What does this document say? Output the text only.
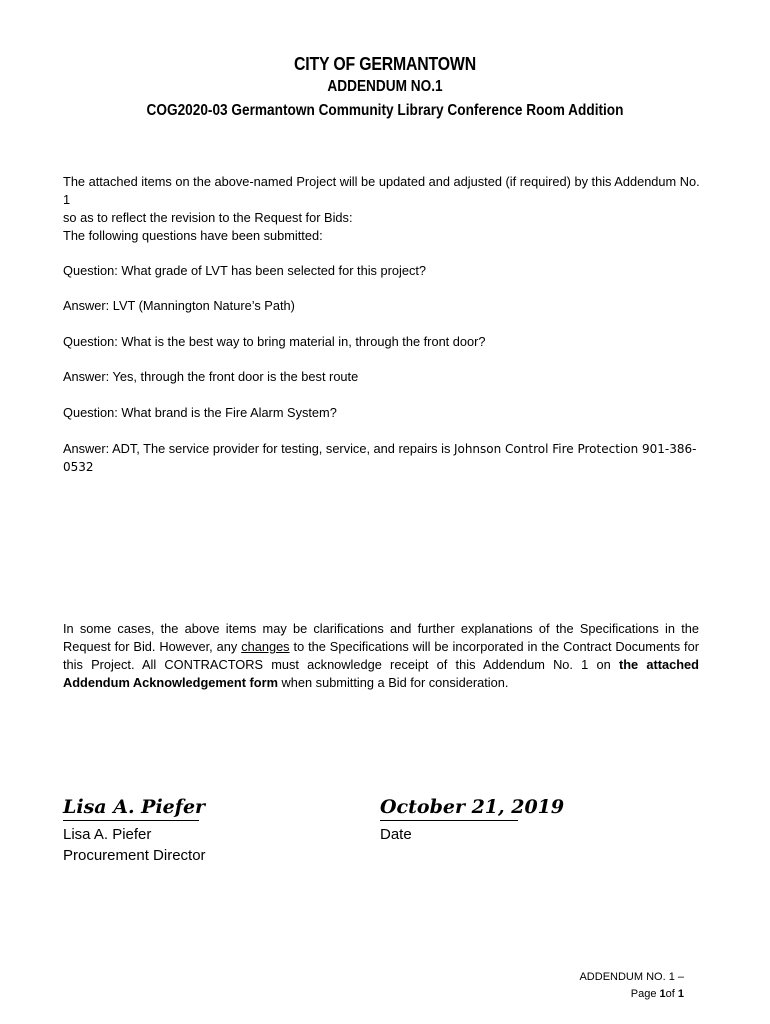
CITY OF GERMANTOWN
ADDENDUM NO.1
COG2020-03 Germantown Community Library Conference Room Addition
The attached items on the above-named Project will be updated and adjusted (if required) by this Addendum No. 1
so as to reflect the revision to the Request for Bids:
The following questions have been submitted:
Question: What grade of LVT has been selected for this project?
Answer: LVT (Mannington Nature’s Path)
Question: What is the best way to bring material in, through the front door?
Answer: Yes, through the front door is the best route
Question: What brand is the Fire Alarm System?
Answer: ADT, The service provider for testing, service, and repairs is Johnson Control Fire Protection 901-386-
0532
In some cases, the above items may be clarifications and further explanations of the Specifications in the Request for Bid. However, any changes to the Specifications will be incorporated in the Contract Documents for this Project. All CONTRACTORS must acknowledge receipt of this Addendum No. 1 on the attached Addendum Acknowledgement form when submitting a Bid for consideration.
Lisa A. Piefer	October 21, 2019
Lisa A. Piefer
Procurement Director
Date
ADDENDUM NO. 1 –
Page 1of 1
